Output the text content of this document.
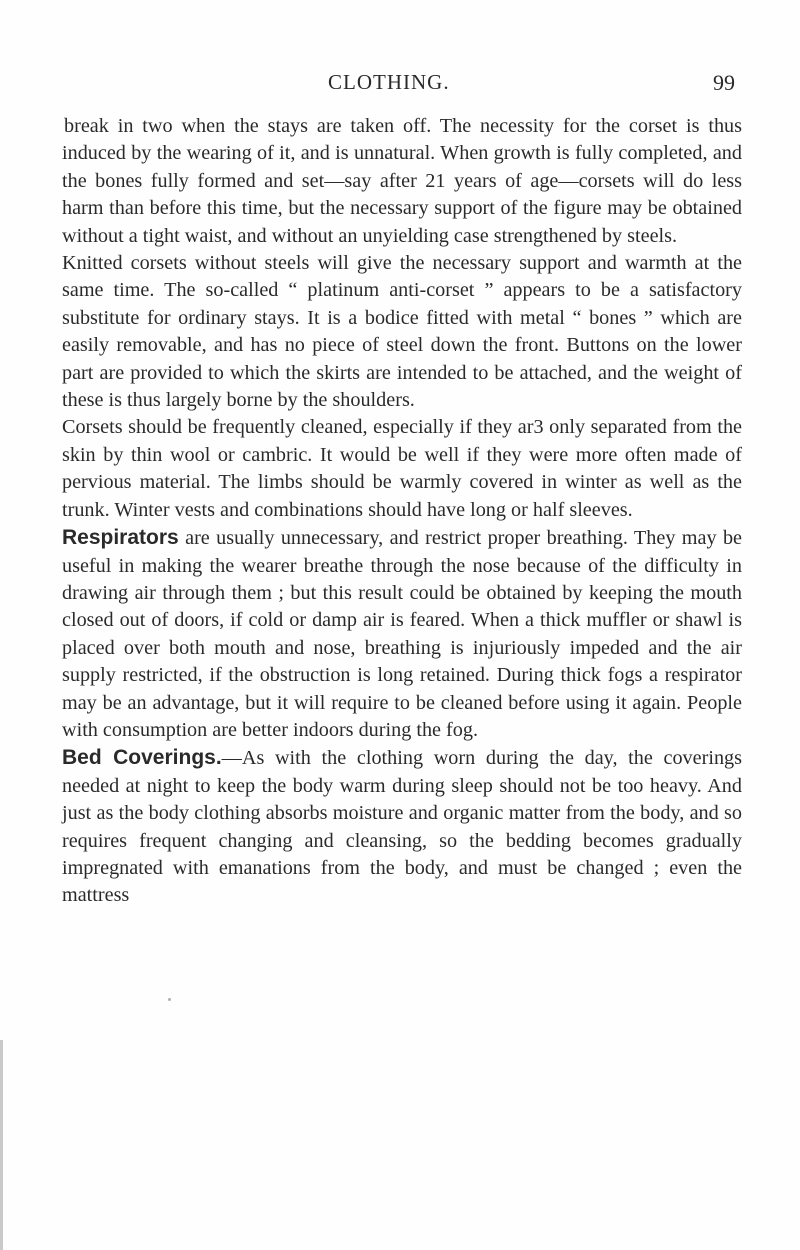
CLOTHING.	99

break in two when the stays are taken off. The necessity for the corset is thus induced by the wearing of it, and is unnatural. When growth is fully completed, and the bones fully formed and set—say after 21 years of age—corsets will do less harm than before this time, but the necessary support of the figure may be obtained without a tight waist, and without an unyielding case strengthened by steels.

Knitted corsets without steels will give the necessary support and warmth at the same time. The so-called “ platinum anti-corset ” appears to be a satisfactory substitute for ordinary stays. It is a bodice fitted with metal “ bones ” which are easily removable, and has no piece of steel down the front. Buttons on the lower part are provided to which the skirts are intended to be attached, and the weight of these is thus largely borne by the shoulders.

Corsets should be frequently cleaned, especially if they ar3 only separated from the skin by thin wool or cambric. It would be well if they were more often made of pervious material. The limbs should be warmly covered in winter as well as the trunk. Winter vests and combinations should have long or half sleeves.

Respirators are usually unnecessary, and restrict proper breathing. They may be useful in making the wearer breathe through the nose because of the difficulty in drawing air through them ; but this result could be obtained by keeping the mouth closed out of doors, if cold or damp air is feared. When a thick muffler or shawl is placed over both mouth and nose, breathing is injuriously impeded and the air supply restricted, if the obstruction is long retained. During thick fogs a respirator may be an advantage, but it will require to be cleaned before using it again. People with consumption are better indoors during the fog.

Bed Coverings.—As with the clothing worn during the day, the coverings needed at night to keep the body warm during sleep should not be too heavy. And just as the body clothing absorbs moisture and organic matter from the body, and so requires frequent changing and cleansing, so the bedding becomes gradually impregnated with emanations from the body, and must be changed ; even the mattress
